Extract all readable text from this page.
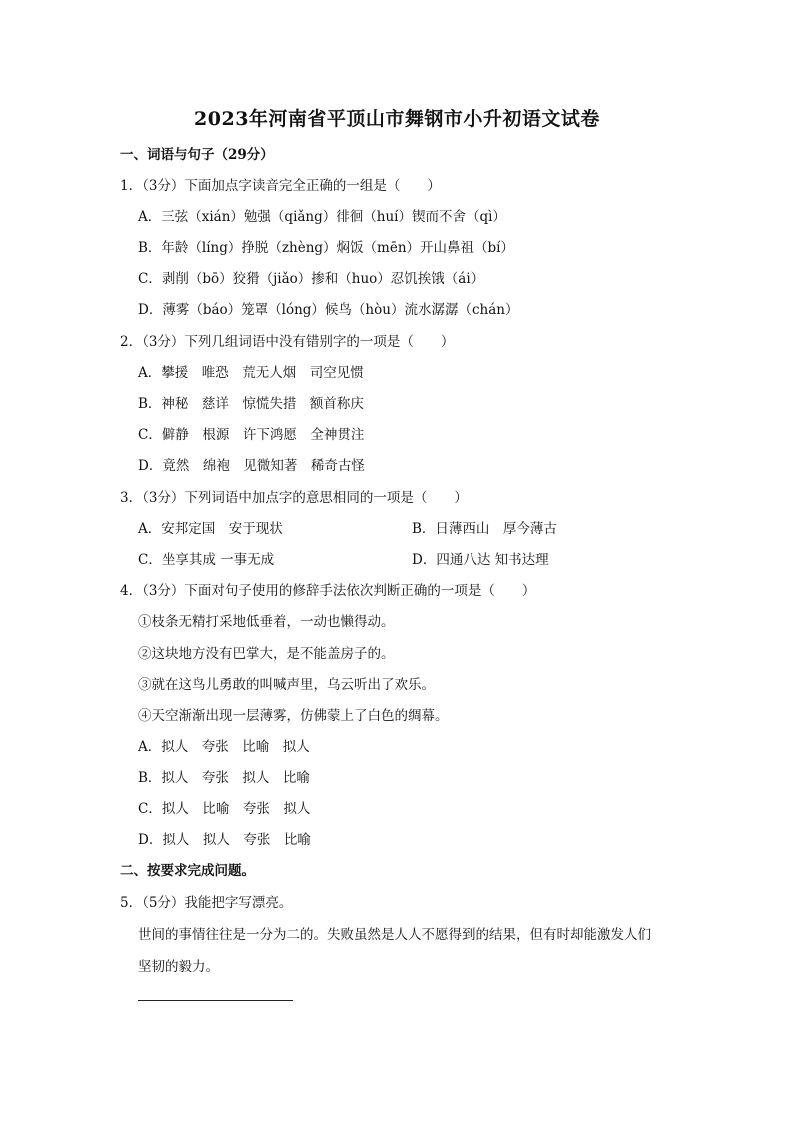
2023年河南省平顶山市舞钢市小升初语文试卷
一、词语与句子（29分）
1．（3分）下面加点字读音完全正确的一组是（　　）
A．三弦（xián）勉强（qiǎng）徘徊（huí）锲而不舍（qì）
B．年龄（líng）挣脱（zhèng）焖饭（mēn）开山鼻祖（bí）
C．剥削（bō）狡猾（jiǎo）掺和（huo）忍饥挨饿（ái）
D．薄雾（báo）笼罩（lóng）候鸟（hòu）流水潺潺（chán）
2．（3分）下列几组词语中没有错别字的一项是（　　）
A．攀援　唯恐　荒无人烟　司空见惯
B．神秘　慈详　惊慌失措　额首称庆
C．僻静　根源　许下鸿愿　全神贯注
D．竟然　绵袍　见微知著　稀奇古怪
3．（3分）下列词语中加点字的意思相同的一项是（　　）
A．安邦定国　安于现状	B．日薄西山　厚今薄古
C．坐享其成 一事无成	D．四通八达 知书达理
4．（3分）下面对句子使用的修辞手法依次判断正确的一项是（　　）
①枝条无精打采地低垂着，一动也懒得动。
②这块地方没有巴掌大，是不能盖房子的。
③就在这鸟儿勇敢的叫喊声里，乌云听出了欢乐。
④天空渐渐出现一层薄雾，仿佛蒙上了白色的绸幕。
A．拟人　夸张　比喻　拟人
B．拟人　夸张　拟人　比喻
C．拟人　比喻　夸张　拟人
D．拟人　拟人　夸张　比喻
二、按要求完成问题。
5．（5分）我能把字写漂亮。
世间的事情往往是一分为二的。失败虽然是人人不愿得到的结果，但有时却能激发人们
坚韧的毅力。
